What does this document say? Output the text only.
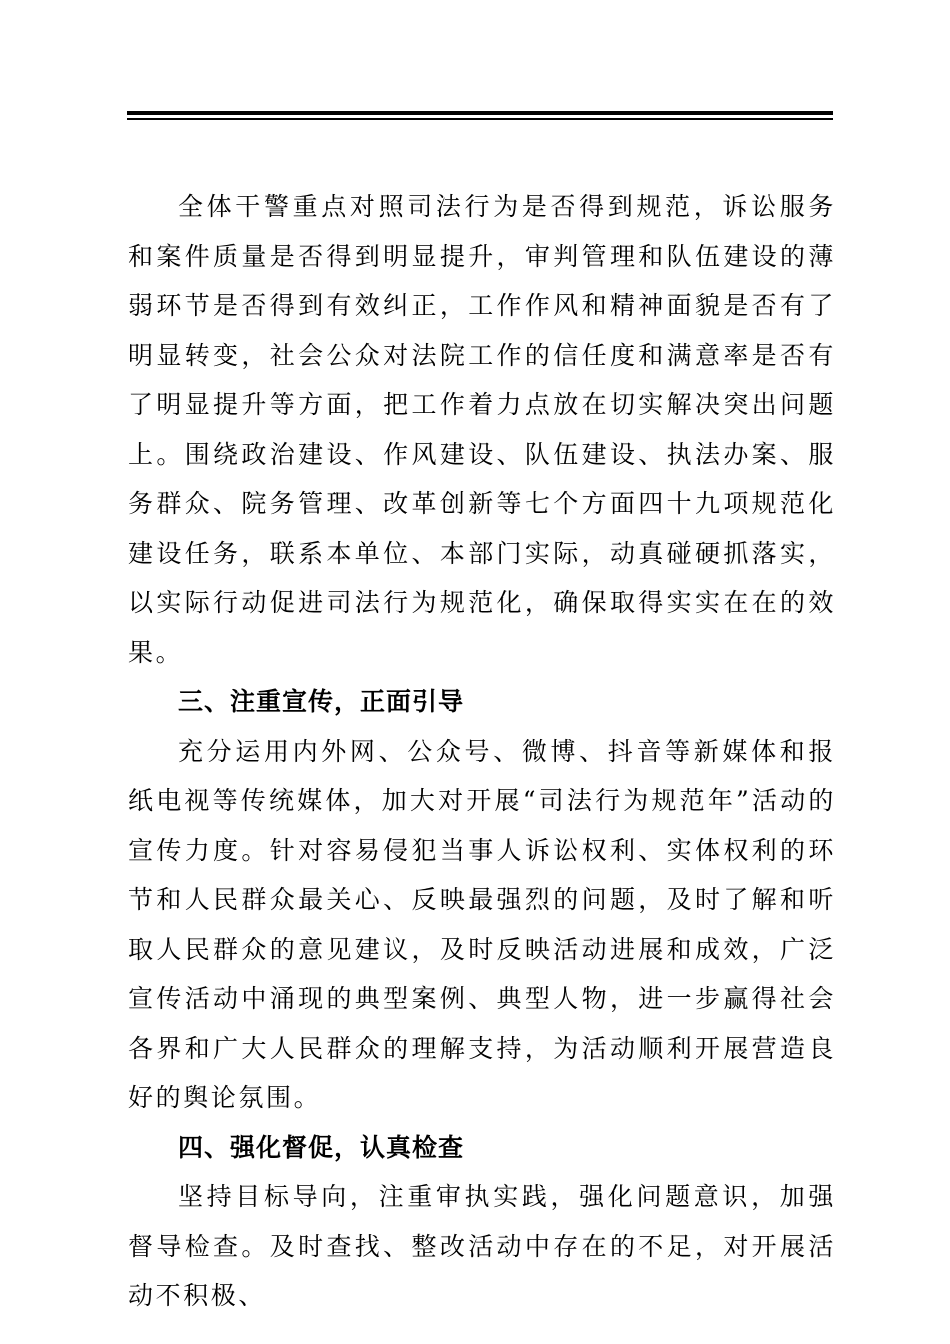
全体干警重点对照司法行为是否得到规范，诉讼服务和案件质量是否得到明显提升，审判管理和队伍建设的薄弱环节是否得到有效纠正，工作作风和精神面貌是否有了明显转变，社会公众对法院工作的信任度和满意率是否有了明显提升等方面，把工作着力点放在切实解决突出问题上。围绕政治建设、作风建设、队伍建设、执法办案、服务群众、院务管理、改革创新等七个方面四十九项规范化建设任务，联系本单位、本部门实际，动真碰硬抓落实，以实际行动促进司法行为规范化，确保取得实实在在的效果。

三、注重宣传，正面引导

充分运用内外网、公众号、微博、抖音等新媒体和报纸电视等传统媒体，加大对开展“司法行为规范年”活动的宣传力度。针对容易侵犯当事人诉讼权利、实体权利的环节和人民群众最关心、反映最强烈的问题，及时了解和听取人民群众的意见建议，及时反映活动进展和成效，广泛宣传活动中涌现的典型案例、典型人物，进一步赢得社会各界和广大人民群众的理解支持，为活动顺利开展营造良好的舆论氛围。

四、强化督促，认真检查

坚持目标导向，注重审执实践，强化问题意识，加强督导检查。及时查找、整改活动中存在的不足，对开展活动不积极、
